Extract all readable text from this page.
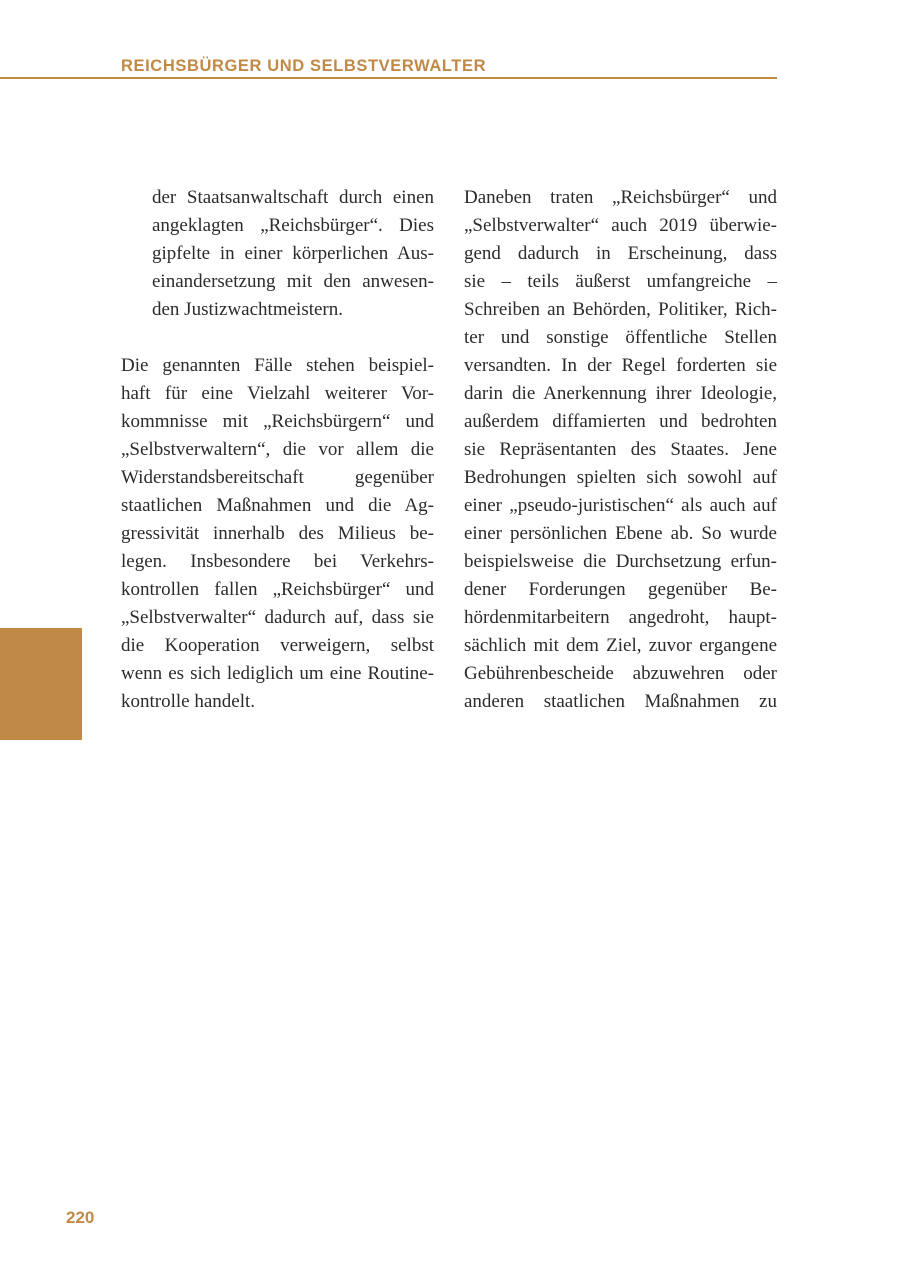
REICHSBÜRGER UND SELBSTVERWALTER
der Staatsanwaltschaft durch einen
angeklagten „Reichsbürger“. Dies
gipfelte in einer körperlichen Aus-
einandersetzung mit den anwesen-
den Justizwachtmeistern.
Die genannten Fälle stehen beispiel-
haft für eine Vielzahl weiterer Vor-
kommnisse mit „Reichsbürgern“ und
„Selbstverwaltern“, die vor allem die
Widerstandsbereitschaft gegenüber
staatlichen Maßnahmen und die Ag-
gressivität innerhalb des Milieus be-
legen. Insbesondere bei Verkehrs-
kontrollen fallen „Reichsbürger“ und
„Selbstverwalter“ dadurch auf, dass sie
die Kooperation verweigern, selbst
wenn es sich lediglich um eine Routine-
kontrolle handelt.
Daneben traten „Reichsbürger“ und
„Selbstverwalter“ auch 2019 überwie-
gend dadurch in Erscheinung, dass
sie – teils äußerst umfangreiche –
Schreiben an Behörden, Politiker, Rich-
ter und sonstige öffentliche Stellen
versandten. In der Regel forderten sie
darin die Anerkennung ihrer Ideologie,
außerdem diffamierten und bedrohten
sie Repräsentanten des Staates. Jene
Bedrohungen spielten sich sowohl auf
einer „pseudo-juristischen“ als auch auf
einer persönlichen Ebene ab. So wurde
beispielsweise die Durchsetzung erfun-
dener Forderungen gegenüber Be-
hördenmitarbeitern angedroht, haupt-
sächlich mit dem Ziel, zuvor ergangene
Gebührenbescheide abzuwehren oder
anderen staatlichen Maßnahmen zu
220
